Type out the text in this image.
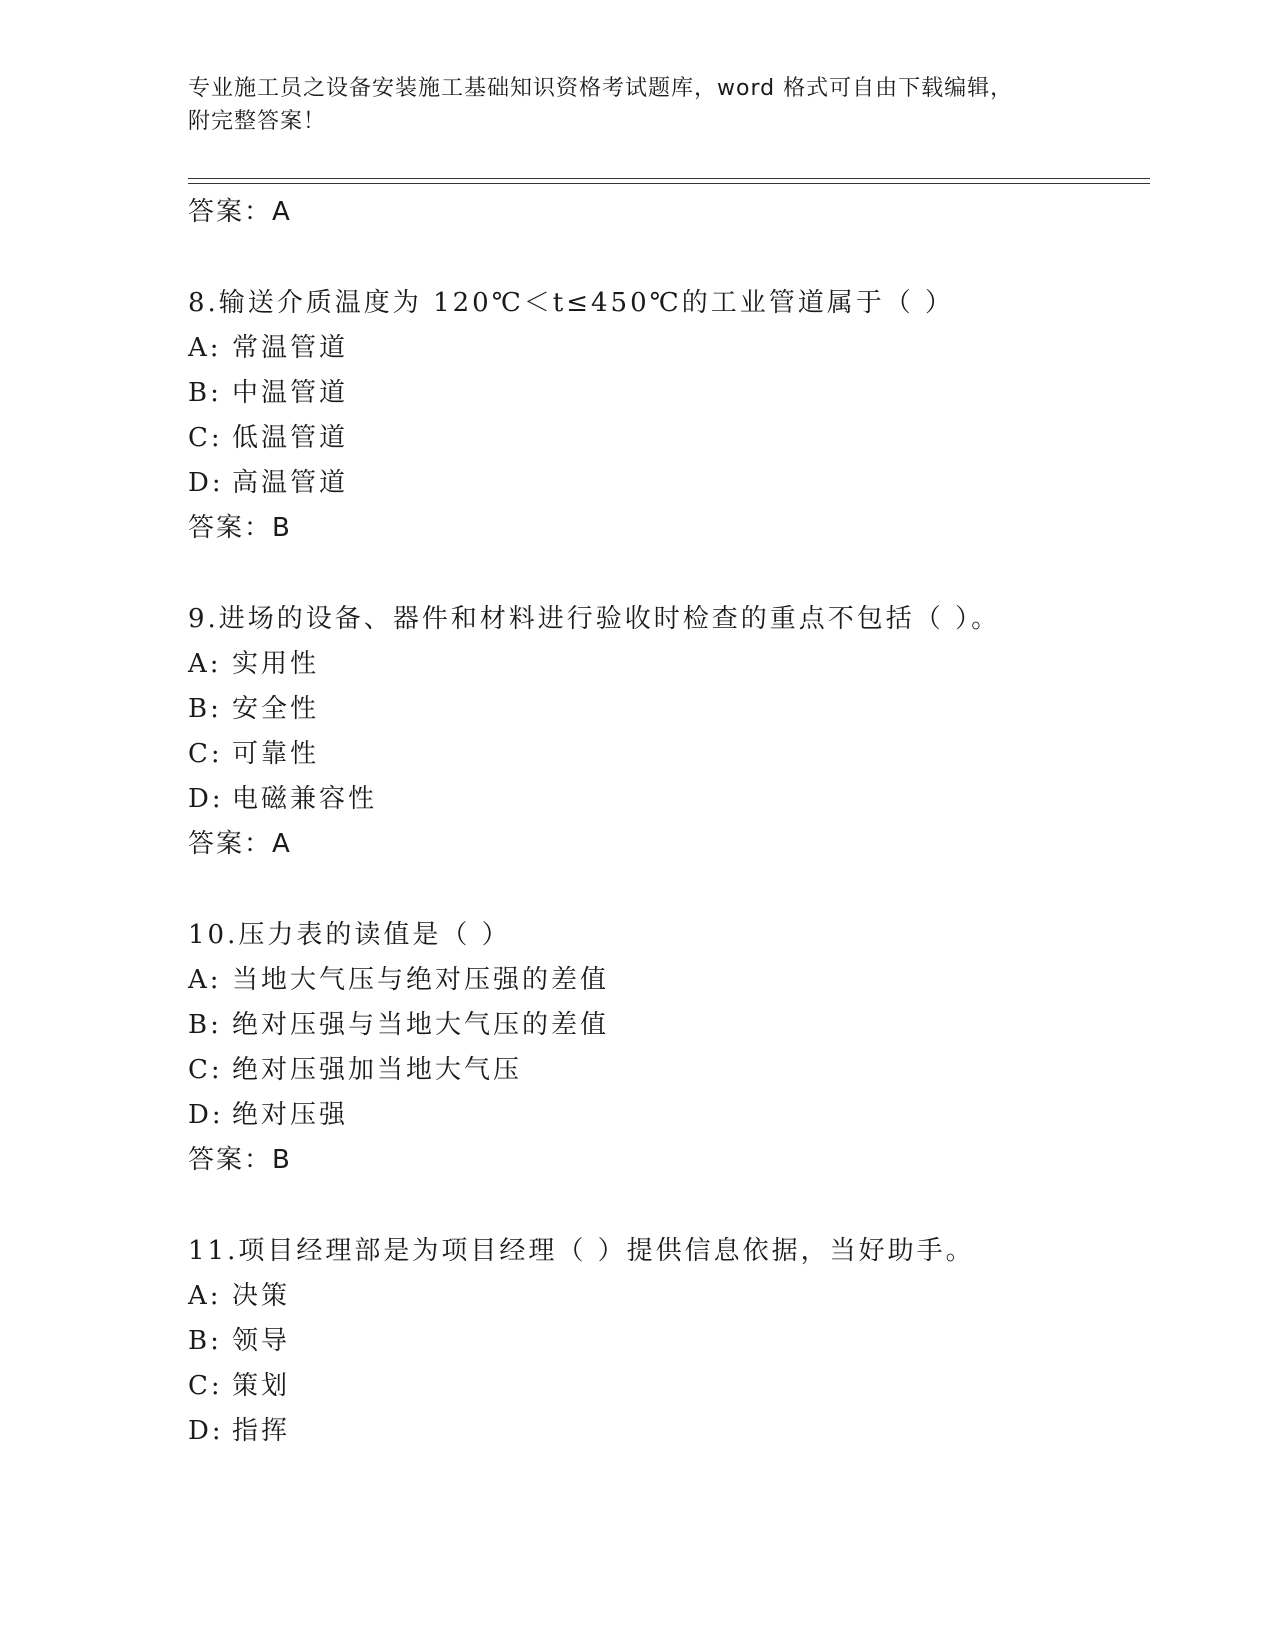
专业施工员之设备安装施工基础知识资格考试题库，word 格式可自由下载编辑，
附完整答案！
答案：A
8.输送介质温度为 120℃＜t≤450℃的工业管道属于（ ）
A: 常温管道
B: 中温管道
C: 低温管道
D: 高温管道
答案：B
9.进场的设备、器件和材料进行验收时检查的重点不包括（ ）。
A: 实用性
B: 安全性
C: 可靠性
D: 电磁兼容性
答案：A
10.压力表的读值是（ ）
A: 当地大气压与绝对压强的差值
B: 绝对压强与当地大气压的差值
C: 绝对压强加当地大气压
D: 绝对压强
答案：B
11.项目经理部是为项目经理（ ）提供信息依据，当好助手。
A: 决策
B: 领导
C: 策划
D: 指挥
